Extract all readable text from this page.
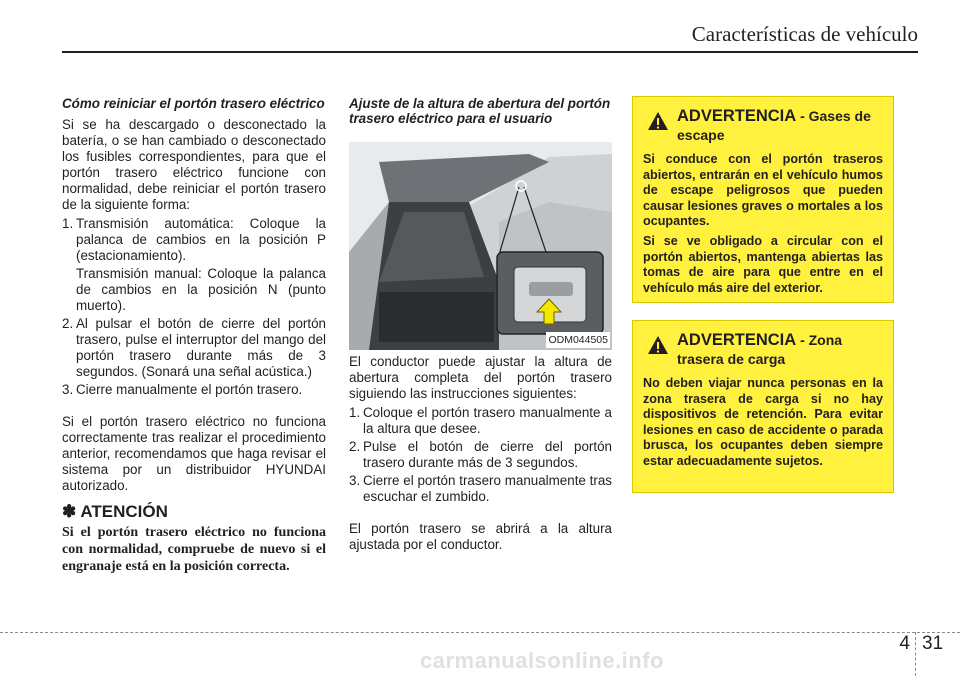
Características de vehículo
Cómo reiniciar el portón trasero eléctrico

Si se ha descargado o desconectado la batería, o se han cambiado o desconectado los fusibles correspondientes, para que el portón trasero eléctrico funcione con normalidad, debe reiniciar el portón trasero de la siguiente forma:

1. Transmisión automática: Coloque la palanca de cambios en la posición P (estacionamiento).
Transmisión manual: Coloque la palanca de cambios en la posición N (punto muerto).
2. Al pulsar el botón de cierre del portón trasero, pulse el interruptor del mango del portón trasero durante más de 3 segundos. (Sonará una señal acústica.)
3. Cierre manualmente el portón trasero.

Si el portón trasero eléctrico no funciona correctamente tras realizar el procedimiento anterior, recomendamos que haga revisar el sistema por un distribuidor HYUNDAI autorizado.

✽ ATENCIÓN
Si el portón trasero eléctrico no funciona con normalidad, compruebe de nuevo si el engranaje está en la posición correcta.
Ajuste de la altura de abertura del portón trasero eléctrico para el usuario
ODM044505

El conductor puede ajustar la altura de abertura completa del portón trasero siguiendo las instrucciones siguientes:

1. Coloque el portón trasero manualmente a la altura que desee.
2. Pulse el botón de cierre del portón trasero durante más de 3 segundos.
3. Cierre el portón trasero manualmente tras escuchar el zumbido.

El portón trasero se abrirá a la altura ajustada por el conductor.

ADVERTENCIA - Gases de escape

Si conduce con el portón traseros abiertos, entrarán en el vehículo humos de escape peligrosos que pueden causar lesiones graves o mortales a los ocupantes.

Si se ve obligado a circular con el portón abiertos, mantenga abiertas las tomas de aire para que entre en el vehículo más aire del exterior.

ADVERTENCIA - Zona trasera de carga

No deben viajar nunca personas en la zona trasera de carga si no hay dispositivos de retención. Para evitar lesiones en caso de accidente o parada brusca, los ocupantes deben siempre estar adecuadamente sujetos.

4 31
carmanualsonline.info
